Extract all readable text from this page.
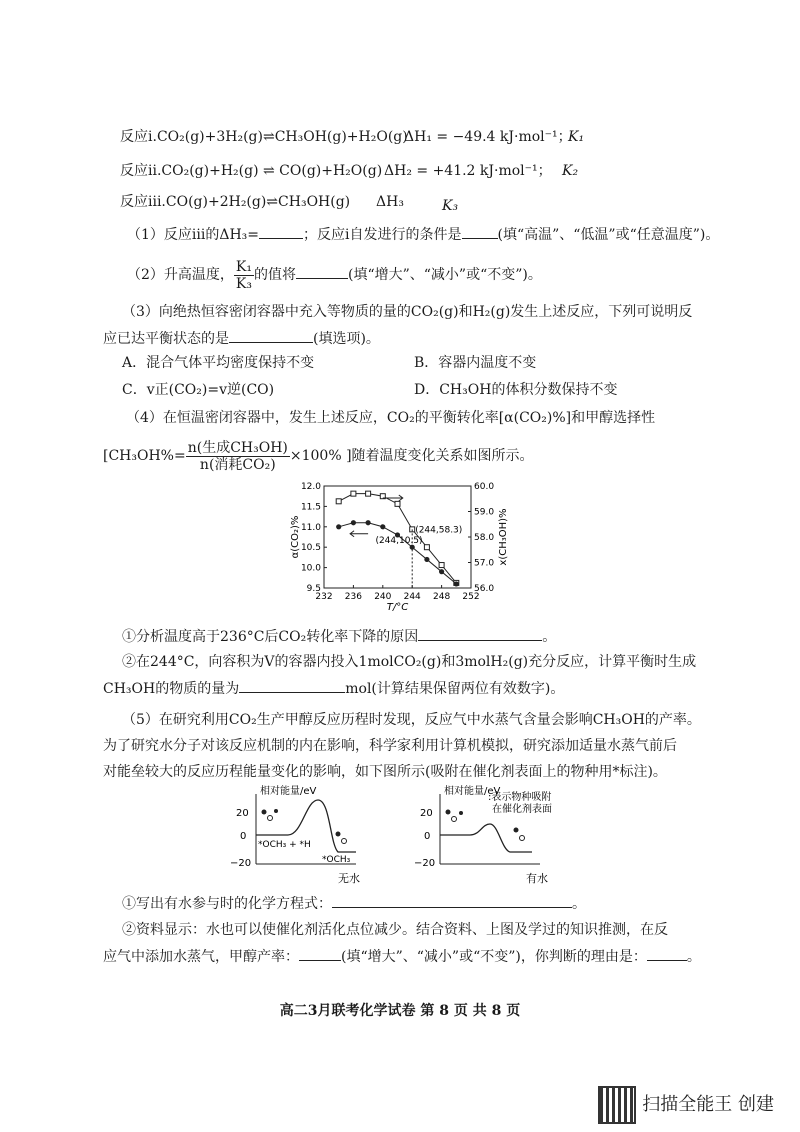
反应i.CO₂(g)+3H₂(g)⇌CH₃OH(g)+H₂O(g)
ΔH₁ = −49.4 kJ·mol⁻¹；
K₁
反应ii.CO₂(g)+H₂(g) ⇌ CO(g)+H₂O(g) ΔH₂ = +41.2 kJ·mol⁻¹； K₂
反应iii.CO(g)+2H₂(g)⇌CH₃OH(g) ΔH₃	K₃
（1）反应iii的ΔH₃=	；反应i自发进行的条件是	(填“高温”、“低温”或“任意温度”)。
（2）升高温度， $\frac{\text{K₁}}{\text{K₃}}$ 的值将	(填“增大”、“减小”或“不变”)。
（3）向绝热恒容密闭容器中充入等物质的量的CO₂(g)和H₂(g)发生上述反应，下列可说明反
应已达平衡状态的是	(填选项)。
A．混合气体平均密度保持不变	B．容器内温度不变
C．v正(CO₂)=v逆(CO)	D．CH₃OH的体积分数保持不变
（4）在恒温密闭容器中，发生上述反应，CO₂的平衡转化率[α(CO₂)%]和甲醇选择性
[$CH_3OH\%= \frac{\text{n(生成CH₃OH)}}{\text{n(消耗CO₂)}} \times 100\%$ ]随着温度变化关系如图所示。
232 236 240 244 248 252
12.0
11.5
11.0
10.5
10.0
9.5
60.0
59.0
58.0
57.0
56.0
T/°C
α(CO₂)%	x(CH₃OH)%
(244,58.3)
(244,10.5)
①分析温度高于236°C后CO₂转化率下降的原因	。
②在244°C，向容积为V的容器内投入1molCO₂(g)和3molH₂(g)充分反应，计算平衡时生成
CH₃OH的物质的量为	mol(计算结果保留两位有效数字)。
（5）在研究利用CO₂生产甲醇反应历程时发现，反应气中水蒸气含量会影响CH₃OH的产率。
为了研究水分子对该反应机制的内在影响，科学家利用计算机模拟，研究添加适量水蒸气前后
对能垒较大的反应历程能量变化的影响，如下图所示(吸附在催化剂表面上的物种用*标注)。
相对能量/eV
20
0
−20
*OCH₃ + *H
*OCH₃
无水
相对能量/eV
20
0
−20
:表示物种吸附
在催化剂表面
有水
①写出有水参与时的化学方程式：	。
②资料显示：水也可以使催化剂活化点位减少。结合资料、上图及学过的知识推测，在反
应气中添加水蒸气，甲醇产率：	(填“增大”、“减小”或“不变”)，你判断的理由是：	。
高二3月联考化学试卷 第 8 页 共 8 页
扫描全能王 创建
